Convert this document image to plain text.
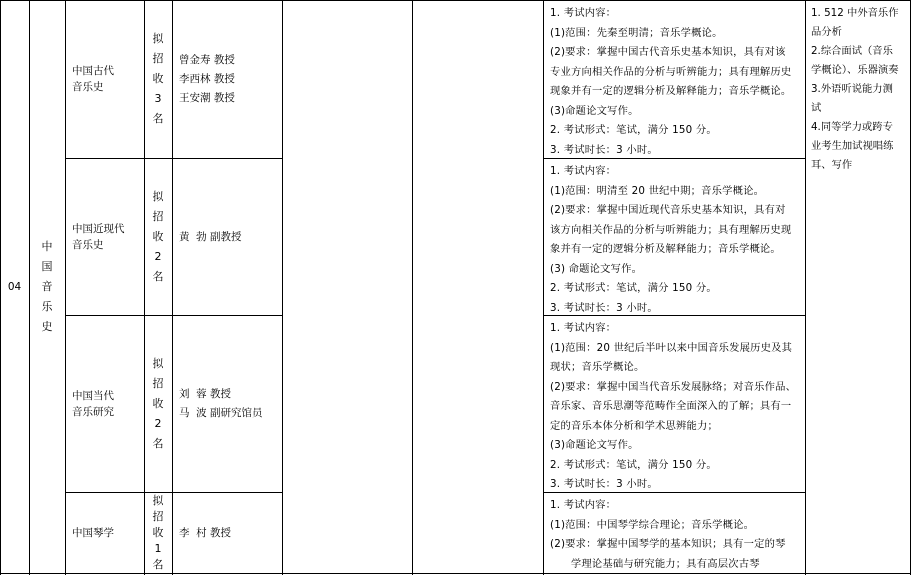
04
中
国
音
乐
史
中国古代
音乐史
拟
招
收
3
名
曾金寿 教授
李西林 教授
王安潮 教授
1. 考试内容：
(1)范围：先秦至明清；音乐学概论。
(2)要求：掌握中国古代音乐史基本知识，具有对该
专业方向相关作品的分析与听辨能力；具有理解历史
现象并有一定的逻辑分析及解释能力；音乐学概论。
(3)命题论文写作。
2. 考试形式：笔试，满分 150 分。
3. 考试时长：3 小时。
中国近现代
音乐史
拟
招
收
2
名
黄  勃 副教授
1. 考试内容：
(1)范围：明清至 20 世纪中期；音乐学概论。
(2)要求：掌握中国近现代音乐史基本知识，具有对
该方向相关作品的分析与听辨能力；具有理解历史现
象并有一定的逻辑分析及解释能力；音乐学概论。
(3) 命题论文写作。
2. 考试形式：笔试，满分 150 分。
3. 考试时长：3 小时。
中国当代
音乐研究
拟
招
收
2
名
刘  蓉 教授
马  波 副研究馆员
1. 考试内容：
(1)范围：20 世纪后半叶以来中国音乐发展历史及其
现状；音乐学概论。
(2)要求：掌握中国当代音乐发展脉络；对音乐作品、
音乐家、音乐思潮等范畴作全面深入的了解；具有一
定的音乐本体分析和学术思辨能力；
(3)命题论文写作。
2. 考试形式：笔试，满分 150 分。
3. 考试时长：3 小时。
中国琴学
拟
招
收
1
名
李  村 教授
1. 考试内容：
(1)范围：中国琴学综合理论；音乐学概论。
(2)要求：掌握中国琴学的基本知识；具有一定的琴
学理论基础与研究能力；具有高层次古琴
1. 512 中外音乐作
品分析
2.综合面试（音乐
学概论）、乐器演奏
3.外语听说能力测
试
4.同等学力或跨专
业考生加试视唱练
耳、写作
